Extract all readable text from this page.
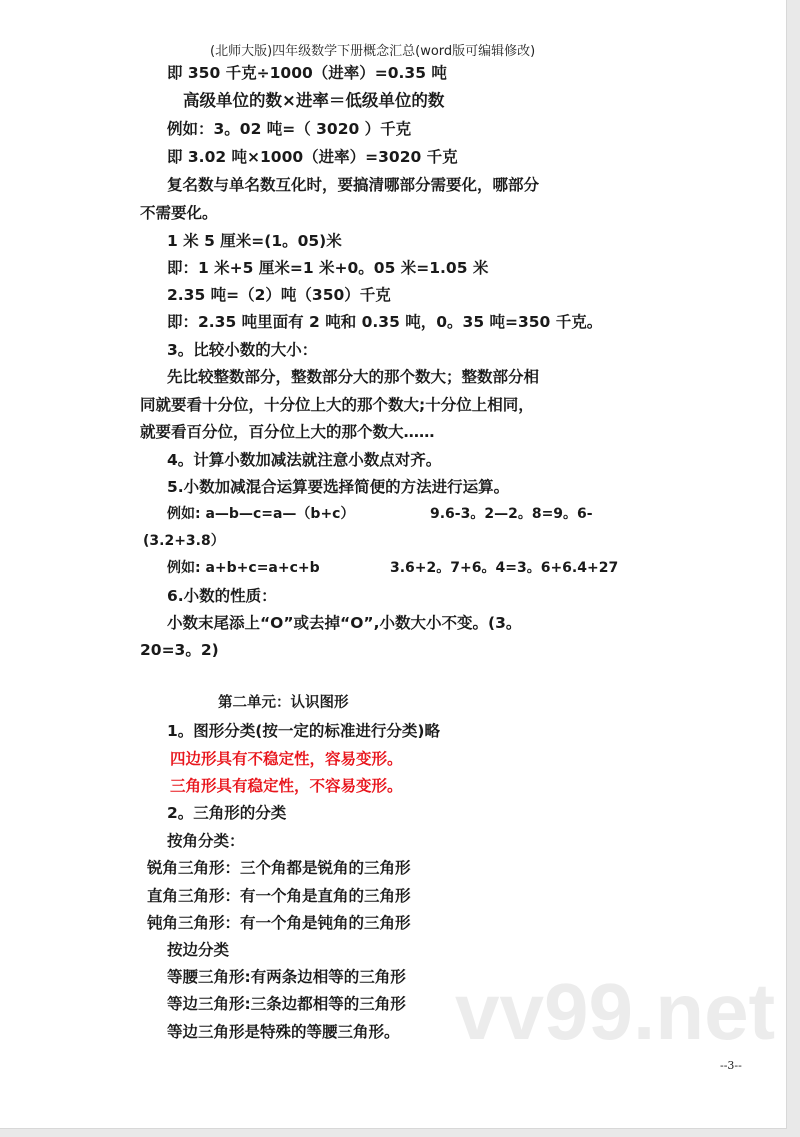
(北师大版)四年级数学下册概念汇总(word版可编辑修改)
vv99.net
即 350 千克÷1000（进率）=0.35 吨
高级单位的数×进率＝低级单位的数
例如：3。02 吨=（ 3020 ）千克
即 3.02 吨×1000（进率）=3020 千克
复名数与单名数互化时，要搞清哪部分需要化，哪部分
不需要化。
1 米 5 厘米=(1。05)米
即：1 米+5 厘米=1 米+0。05 米=1.05 米
2.35 吨=（2）吨（350）千克
即：2.35 吨里面有 2 吨和 0.35 吨，0。35 吨=350 千克。
3。比较小数的大小：
先比较整数部分，整数部分大的那个数大；整数部分相
同就要看十分位，十分位上大的那个数大;十分位上相同，
就要看百分位，百分位上大的那个数大……
4。计算小数加减法就注意小数点对齐。
5.小数加减混合运算要选择简便的方法进行运算。
例如: a—b—c=a—（b+c）	9.6-3。2—2。8=9。6-
(3.2+3.8）
例如: a+b+c=a+c+b	3.6+2。7+6。4=3。6+6.4+27
6.小数的性质：
小数末尾添上“O”或去掉“O”,小数大小不变。(3。
20=3。2)
第二单元：认识图形
1。图形分类(按一定的标准进行分类)略
四边形具有不稳定性，容易变形。
三角形具有稳定性，不容易变形。
2。三角形的分类
按角分类：
锐角三角形：三个角都是锐角的三角形
直角三角形：有一个角是直角的三角形
钝角三角形：有一个角是钝角的三角形
按边分类
等腰三角形:有两条边相等的三角形
等边三角形:三条边都相等的三角形
等边三角形是特殊的等腰三角形。
--3--
